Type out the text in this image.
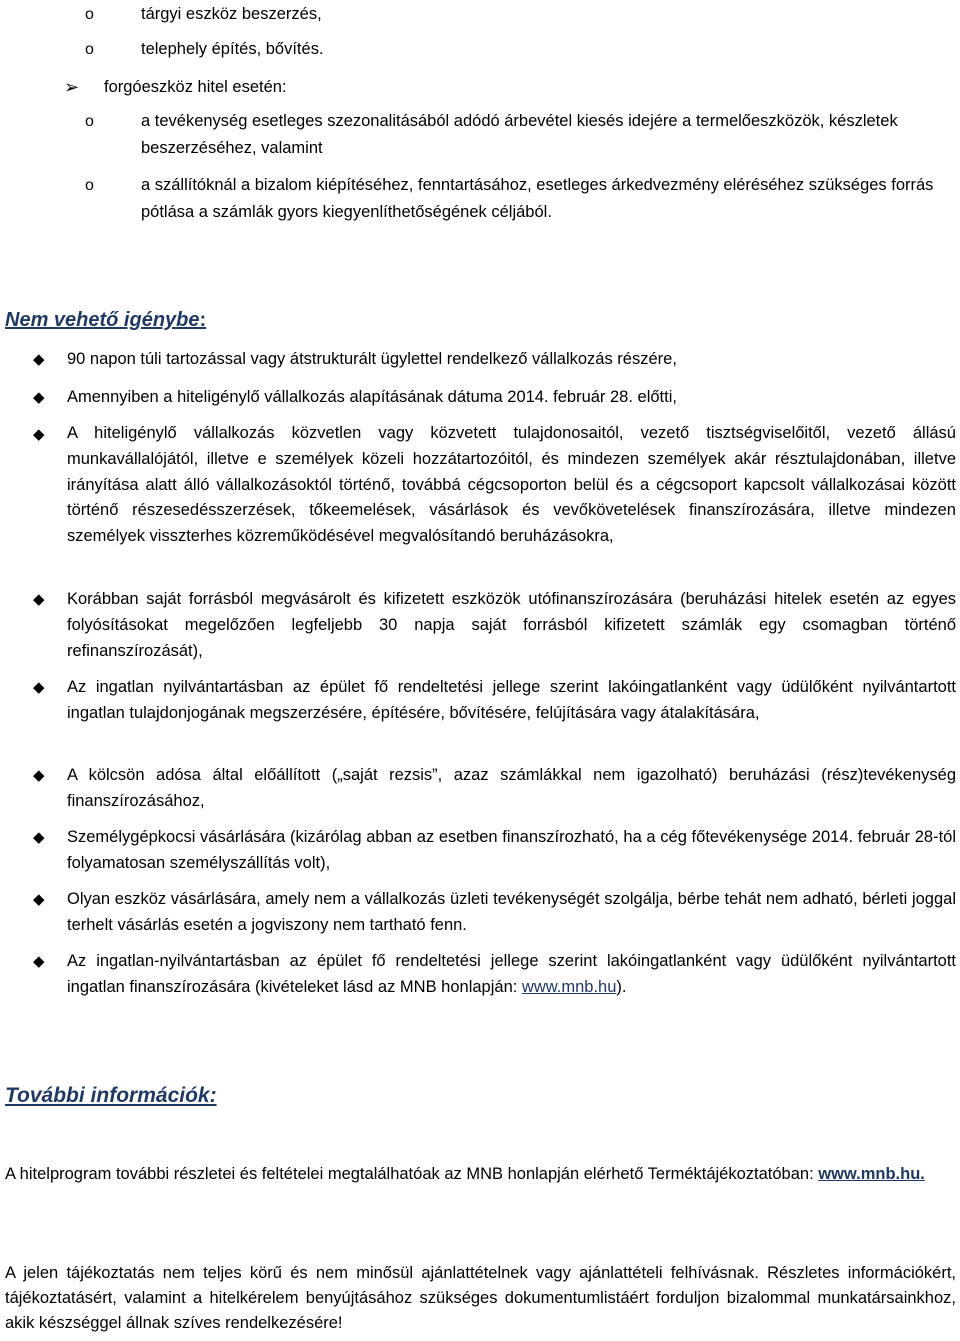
o	tárgyi eszköz beszerzés,
o	telephely építés, bővítés.
➢	forgóeszköz hitel esetén:
o	a tevékenység esetleges szezonalitásából adódó árbevétel kiesés idejére a termelőeszközök, készletek beszerzéséhez, valamint
o	a szállítóknál a bizalom kiépítéséhez, fenntartásához, esetleges árkedvezmény eléréséhez szükséges forrás pótlása a számlák gyors kiegyenlíthetőségének céljából.
Nem vehető igénybe:
◆ 90 napon túli tartozással vagy átstrukturált ügylettel rendelkező vállalkozás részére,
◆ Amennyiben a hiteligénylő vállalkozás alapításának dátuma 2014. február 28. előtti,
◆ A hiteligénylő vállalkozás közvetlen vagy közvetett tulajdonosaitól, vezető tisztségviselőitől, vezető állású munkavállalójától, illetve e személyek közeli hozzátartozóitól, és mindezen személyek akár résztulajdonában, illetve irányítása alatt álló vállalkozásoktól történő, továbbá cégcsoporton belül és a cégcsoport kapcsolt vállalkozásai között történő részesedésszerzések, tőkeemelések, vásárlások és vevőkövetelések finanszírozására, illetve mindezen személyek visszterhes közreműködésével megvalósítandó beruházásokra,
◆ Korábban saját forrásból megvásárolt és kifizetett eszközök utófinanszírozására (beruházási hitelek esetén az egyes folyósításokat megelőzően legfeljebb 30 napja saját forrásból kifizetett számlák egy csomagban történő refinanszírozását),
◆ Az ingatlan nyilvántartásban az épület fő rendeltetési jellege szerint lakóingatlanként vagy üdülőként nyilvántartott ingatlan tulajdonjogának megszerzésére, építésére, bővítésére, felújítására vagy átalakítására,
◆ A kölcsön adósa által előállított („saját rezsis”, azaz számlákkal nem igazolható) beruházási (rész)tevékenység finanszírozásához,
◆ Személygépkocsi vásárlására (kizárólag abban az esetben finanszírozható, ha a cég főtevékenysége 2014. február 28-tól folyamatosan személyszállítás volt),
◆ Olyan eszköz vásárlására, amely nem a vállalkozás üzleti tevékenységét szolgálja, bérbe tehát nem adható, bérleti joggal terhelt vásárlás esetén a jogviszony nem tartható fenn.
◆ Az ingatlan-nyilvántartásban az épület fő rendeltetési jellege szerint lakóingatlanként vagy üdülőként nyilvántartott ingatlan finanszírozására (kivételeket lásd az MNB honlapján: www.mnb.hu).
További információk:
A hitelprogram további részletei és feltételei megtalálhatóak az MNB honlapján elérhető Terméktájékoztatóban: www.mnb.hu.
A jelen tájékoztatás nem teljes körű és nem minősül ajánlattételnek vagy ajánlattételi felhívásnak. Részletes információkért, tájékoztatásért, valamint a hitelkérelem benyújtásához szükséges dokumentumlistáért forduljon bizalommal munkatársainkhoz, akik készséggel állnak szíves rendelkezésére!
